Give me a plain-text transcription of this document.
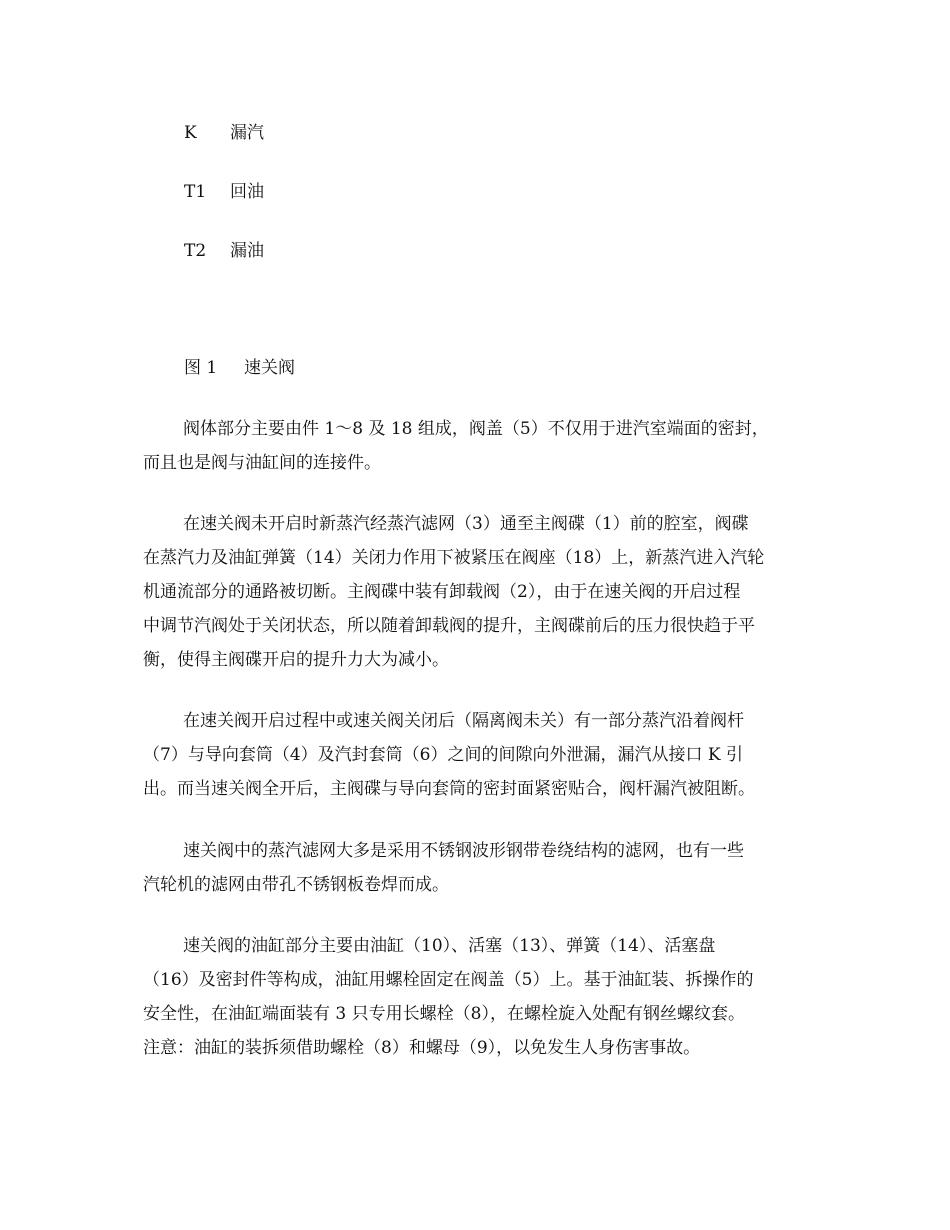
K 漏汽
T1 回油
T2 漏油
图 1 速关阀
阀体部分主要由件 1～8 及 18 组成，阀盖（5）不仅用于进汽室端面的密封，
而且也是阀与油缸间的连接件。
在速关阀未开启时新蒸汽经蒸汽滤网（3）通至主阀碟（1）前的腔室，阀碟
在蒸汽力及油缸弹簧（14）关闭力作用下被紧压在阀座（18）上，新蒸汽进入汽轮
机通流部分的通路被切断。主阀碟中装有卸载阀（2），由于在速关阀的开启过程
中调节汽阀处于关闭状态，所以随着卸载阀的提升，主阀碟前后的压力很快趋于平
衡，使得主阀碟开启的提升力大为减小。
在速关阀开启过程中或速关阀关闭后（隔离阀未关）有一部分蒸汽沿着阀杆
（7）与导向套筒（4）及汽封套筒（6）之间的间隙向外泄漏，漏汽从接口 K 引
出。而当速关阀全开后，主阀碟与导向套筒的密封面紧密贴合，阀杆漏汽被阻断。
速关阀中的蒸汽滤网大多是采用不锈钢波形钢带卷绕结构的滤网，也有一些
汽轮机的滤网由带孔不锈钢板卷焊而成。
速关阀的油缸部分主要由油缸（10）、活塞（13）、弹簧（14）、活塞盘
（16）及密封件等构成，油缸用螺栓固定在阀盖（5）上。基于油缸装、拆操作的
安全性，在油缸端面装有 3 只专用长螺栓（8），在螺栓旋入处配有钢丝螺纹套。
注意：油缸的装拆须借助螺栓（8）和螺母（9），以免发生人身伤害事故。
